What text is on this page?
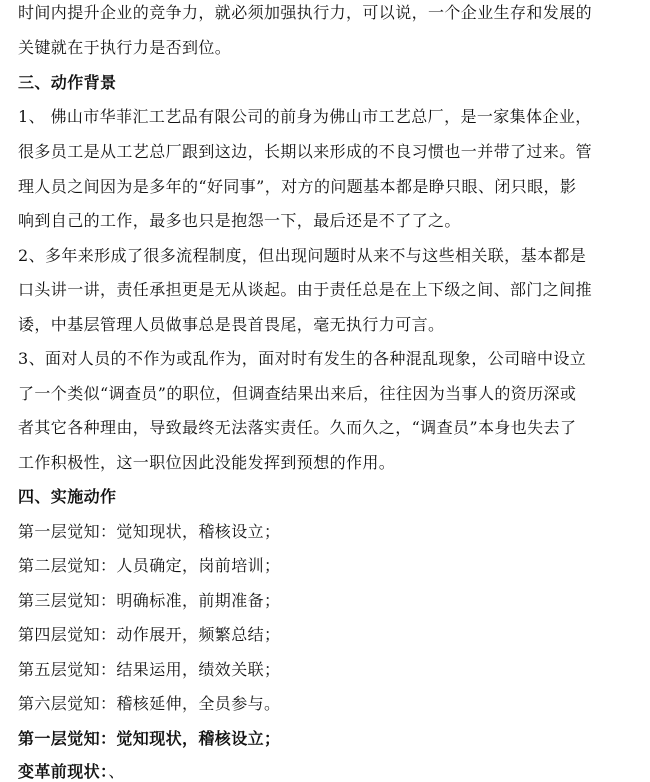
时间内提升企业的竞争力，就必须加强执行力，可以说，一个企业生存和发展的
关键就在于执行力是否到位。
三、动作背景
1、 佛山市华菲汇工艺品有限公司的前身为佛山市工艺总厂，是一家集体企业，
很多员工是从工艺总厂跟到这边，长期以来形成的不良习惯也一并带了过来。管
理人员之间因为是多年的“好同事”，对方的问题基本都是睁只眼、闭只眼，影
响到自己的工作，最多也只是抱怨一下，最后还是不了了之。
2、多年来形成了很多流程制度，但出现问题时从来不与这些相关联，基本都是
口头讲一讲，责任承担更是无从谈起。由于责任总是在上下级之间、部门之间推
诿，中基层管理人员做事总是畏首畏尾，毫无执行力可言。
3、面对人员的不作为或乱作为，面对时有发生的各种混乱现象，公司暗中设立
了一个类似“调查员”的职位，但调查结果出来后，往往因为当事人的资历深或
者其它各种理由，导致最终无法落实责任。久而久之，“调查员”本身也失去了
工作积极性，这一职位因此没能发挥到预想的作用。
四、实施动作
第一层觉知：觉知现状，稽核设立；
第二层觉知：人员确定，岗前培训；
第三层觉知：明确标准，前期准备；
第四层觉知：动作展开，频繁总结；
第五层觉知：结果运用，绩效关联；
第六层觉知：稽核延伸，全员参与。
第一层觉知：觉知现状，稽核设立；
变革前现状：、
